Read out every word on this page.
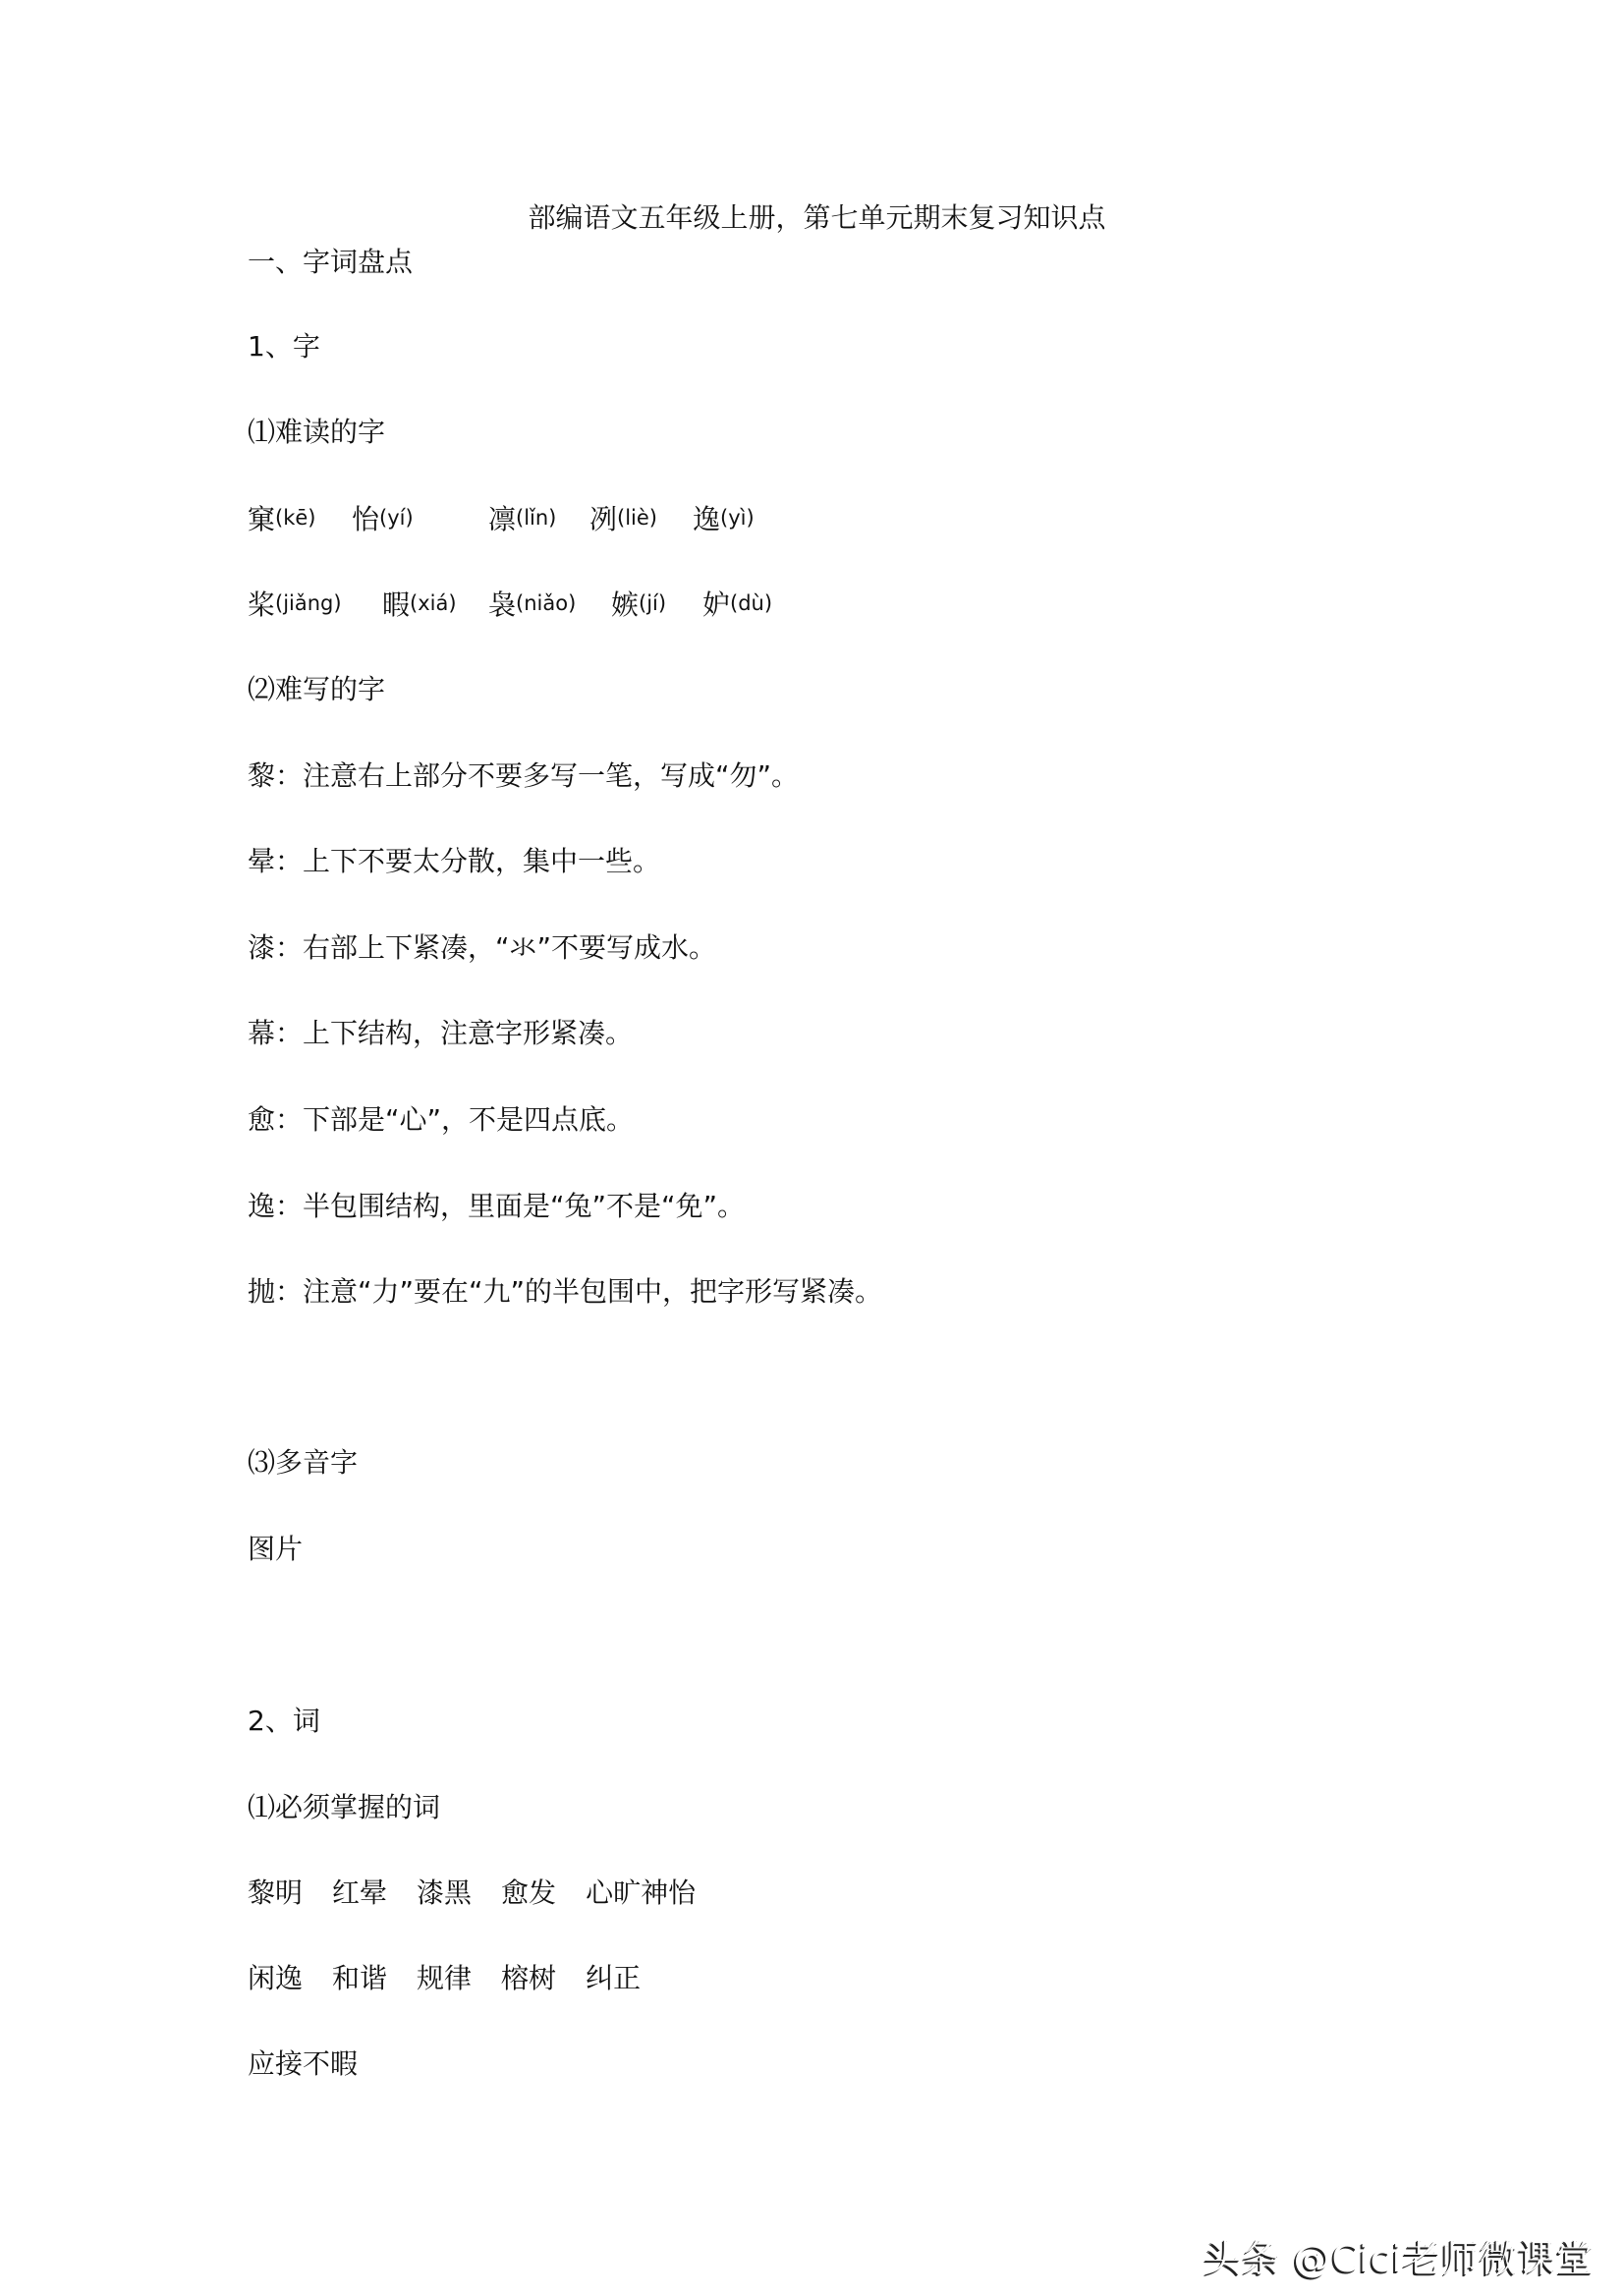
部编语文五年级上册，第七单元期末复习知识点
一、字词盘点
1、字
⑴难读的字
窠(kē) 怡(yí)	凛(lǐn) 冽(liè) 逸(yì)
桨(jiǎng) 暇(xiá) 袅(niǎo) 嫉(jí) 妒(dù)
⑵难写的字
黎：注意右上部分不要多写一笔，写成“勿”。
晕：上下不要太分散，集中一些。
漆：右部上下紧凑，“氺”不要写成水。
幕：上下结构，注意字形紧凑。
愈：下部是“心”，不是四点底。
逸：半包围结构，里面是“兔”不是“免”。
抛：注意“力”要在“九”的半包围中，把字形写紧凑。
⑶多音字
图片
2、词
⑴必须掌握的词
黎明 红晕 漆黑 愈发 心旷神怡
闲逸 和谐 规律 榕树 纠正
应接不暇
头条 @Cici老师微课堂
